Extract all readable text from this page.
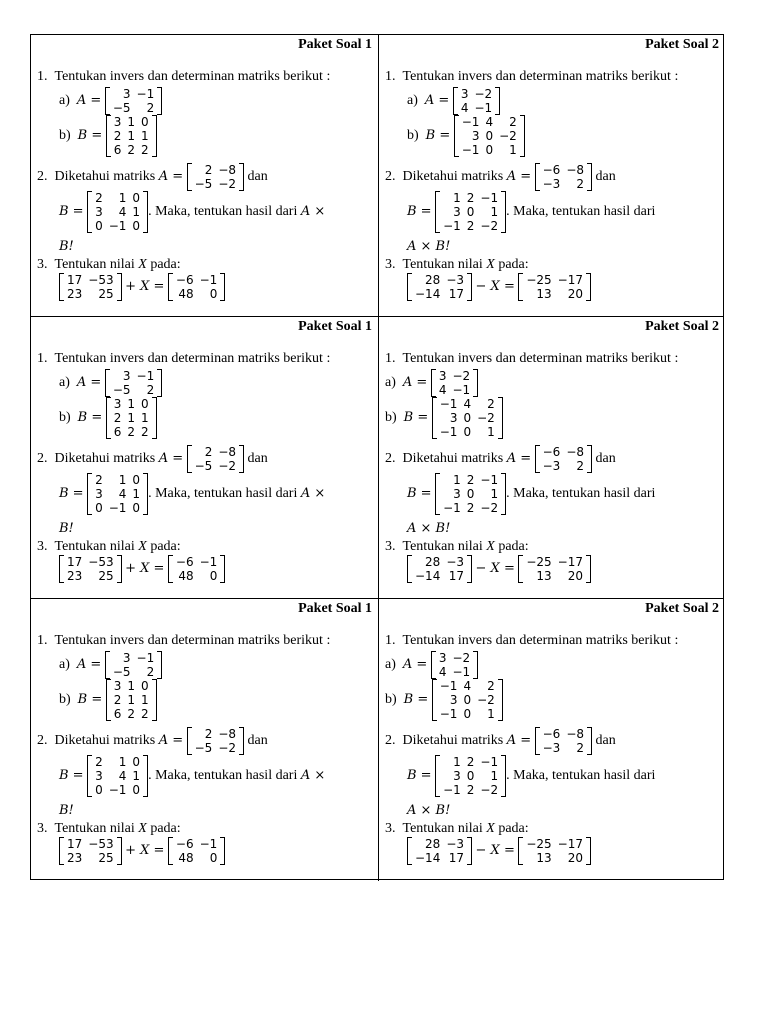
Paket Soal 1
1. Tentukan invers dan determinan matriks berikut :
a) A = 3	−1
−5	2
b) B =
3	1	0
2	1	1
6	2	2
2. Diketahui matriks A = 2	−8
−5	−2 dan
B =
2	1	0
3	4	1
0	−1	0
. Maka, tentukan hasil dari A ×
B!
3. Tentukan nilai X pada:
17	−53
23	25 + X = −6	−1
48	0
Paket Soal 2
1. Tentukan invers dan determinan matriks berikut :
a) A = 3	−2
4	−1
b) B =
−1	4	2
3	0	−2
−1	0	1
2. Diketahui matriks A = −6	−8
−3	2 dan
B =
1	2	−1
3	0	1
−1	2	−2
. Maka, tentukan hasil dari
A × B!
3. Tentukan nilai X pada:
28	−3
−14	17 − X = −25	−17
13	20
Paket Soal 1
1. Tentukan invers dan determinan matriks berikut :
a) A = 3	−1
−5	2
b) B =
3	1	0
2	1	1
6	2	2
2. Diketahui matriks A = 2	−8
−5	−2 dan
B =
2	1	0
3	4	1
0	−1	0
. Maka, tentukan hasil dari A ×
B!
3. Tentukan nilai X pada:
17	−53
23	25 + X = −6	−1
48	0
Paket Soal 2
1. Tentukan invers dan determinan matriks berikut :
a) A = 3	−2
4	−1
b) B =
−1	4	2
3	0	−2
−1	0	1
2. Diketahui matriks A = −6	−8
−3	2 dan
B =
1	2	−1
3	0	1
−1	2	−2
. Maka, tentukan hasil dari
A × B!
3. Tentukan nilai X pada:
28	−3
−14	17 − X = −25	−17
13	20
Paket Soal 1
1. Tentukan invers dan determinan matriks berikut :
a) A = 3	−1
−5	2
b) B =
3	1	0
2	1	1
6	2	2
2. Diketahui matriks A = 2	−8
−5	−2 dan
B =
2	1	0
3	4	1
0	−1	0
. Maka, tentukan hasil dari A ×
B!
3. Tentukan nilai X pada:
17	−53
23	25 + X = −6	−1
48	0
Paket Soal 2
1. Tentukan invers dan determinan matriks berikut :
a) A = 3	−2
4	−1
b) B =
−1	4	2
3	0	−2
−1	0	1
2. Diketahui matriks A = −6	−8
−3	2 dan
B =
1	2	−1
3	0	1
−1	2	−2
. Maka, tentukan hasil dari
A × B!
3. Tentukan nilai X pada:
28	−3
−14	17 − X = −25	−17
13	20
